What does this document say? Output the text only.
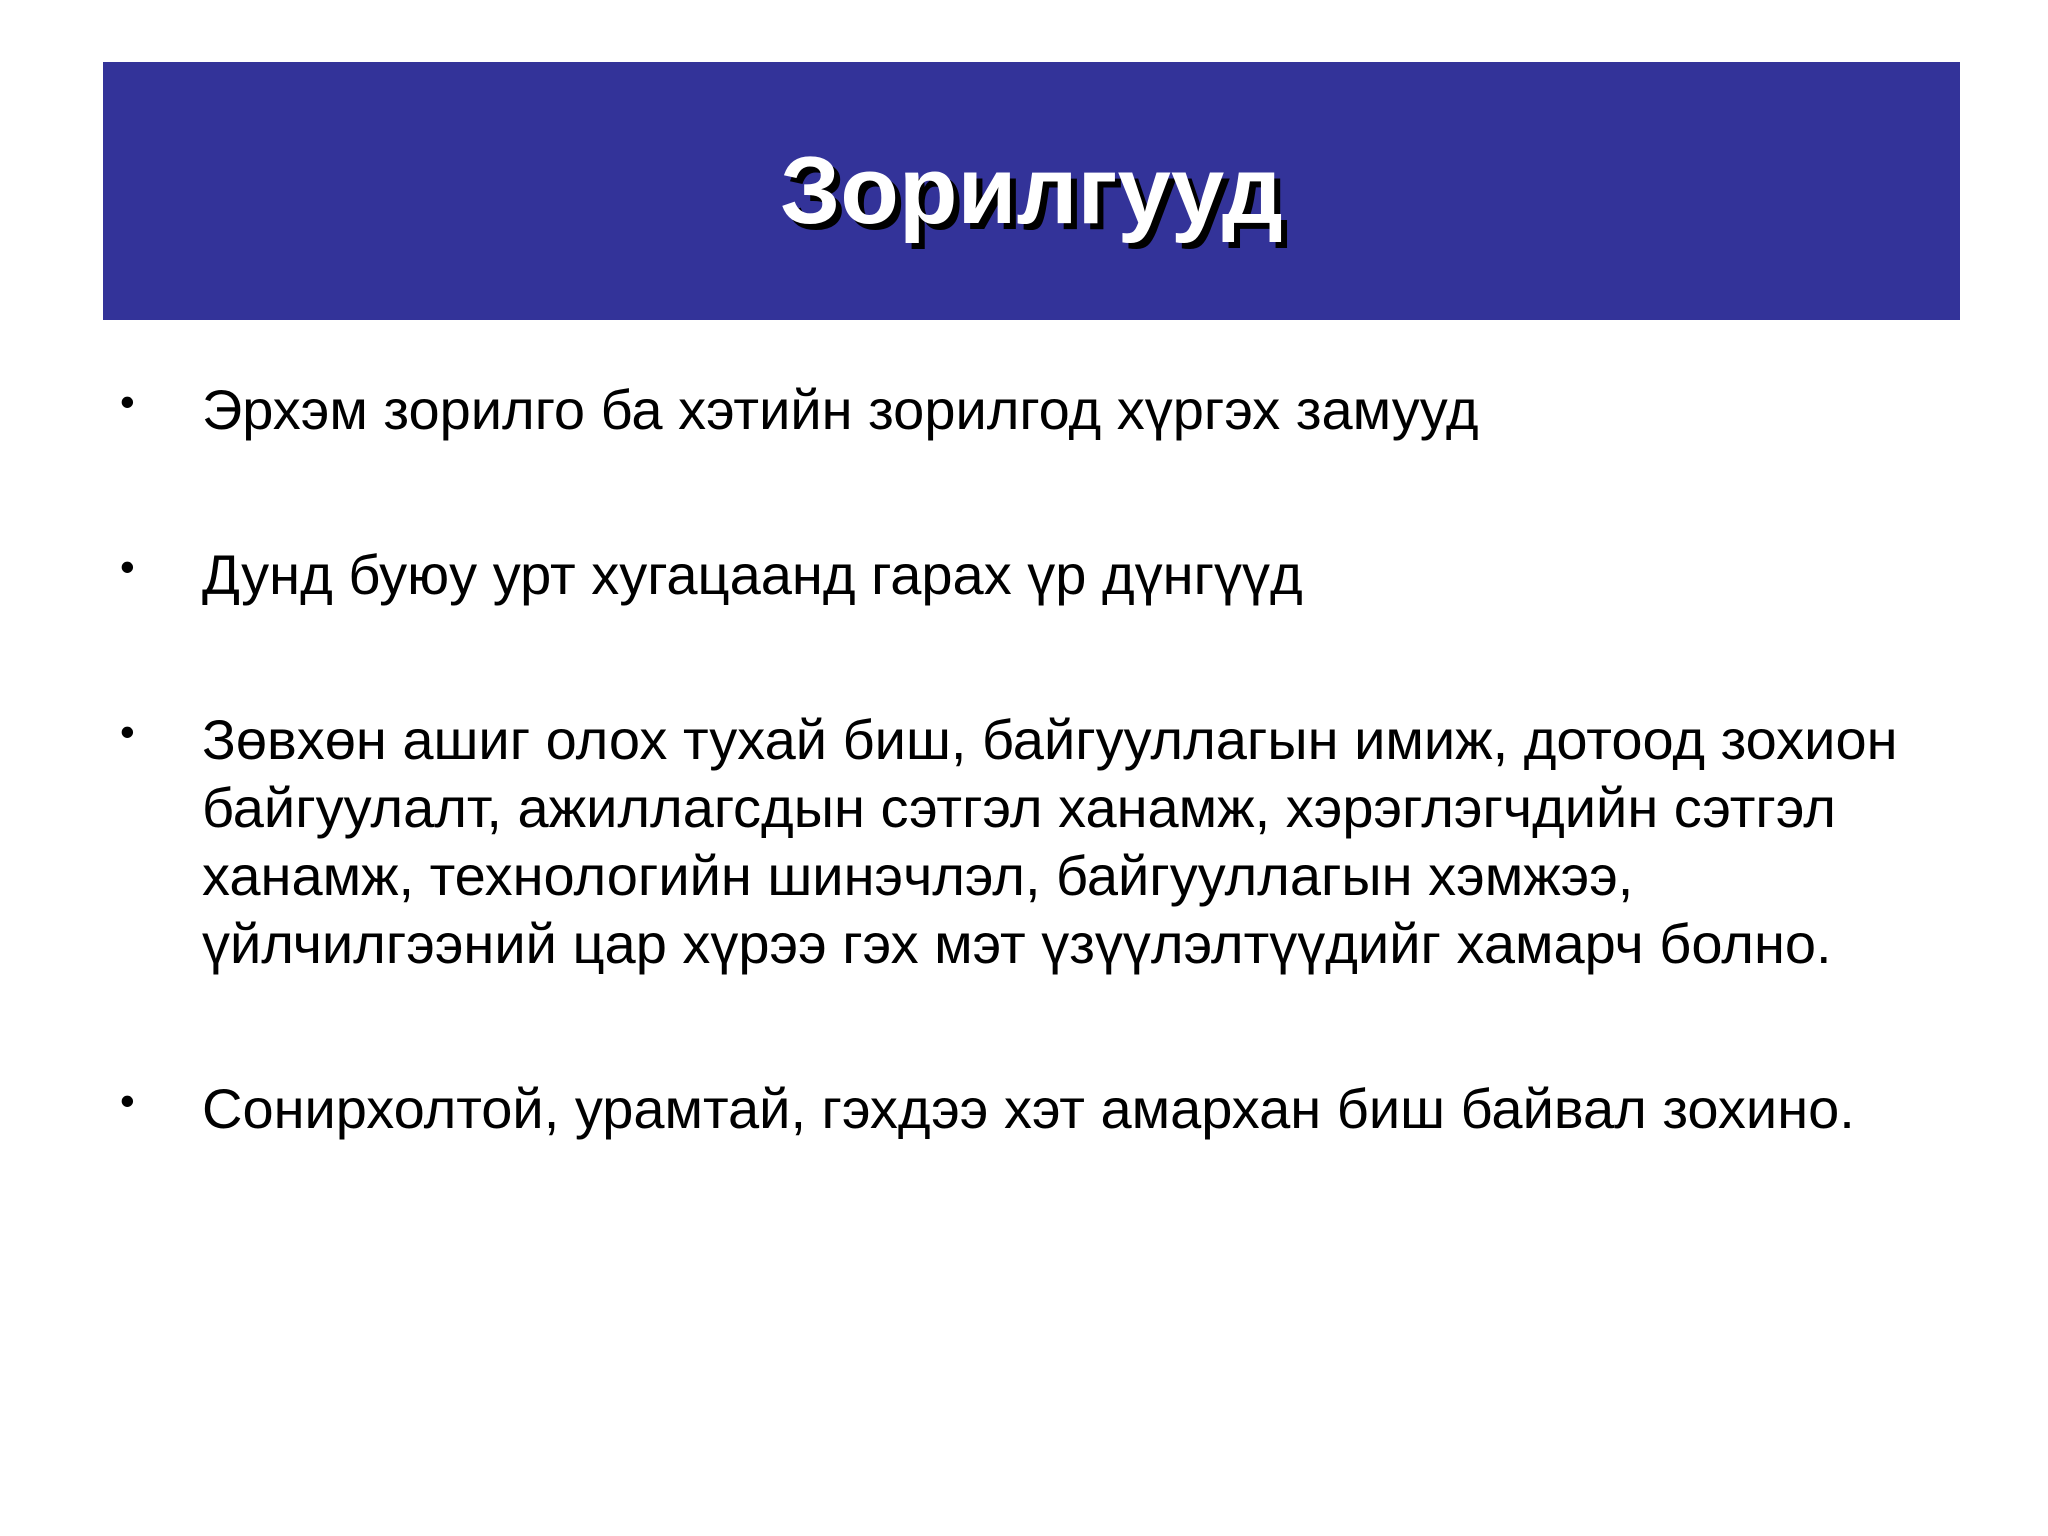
Зорилгууд
• Эрхэм зорилго ба хэтийн зорилгод хүргэх замууд
• Дунд буюу урт хугацаанд гарах үр дүнгүүд
• Зөвхөн ашиг олох тухай биш, байгууллагын имиж, дотоод зохион байгуулалт, ажиллагсдын сэтгэл ханамж, хэрэглэгчдийн сэтгэл ханамж, технологийн шинэчлэл, байгууллагын хэмжээ, үйлчилгээний цар хүрээ гэх мэт үзүүлэлтүүдийг хамарч болно.
• Сонирхолтой, урамтай, гэхдээ хэт амархан биш байвал зохино.
